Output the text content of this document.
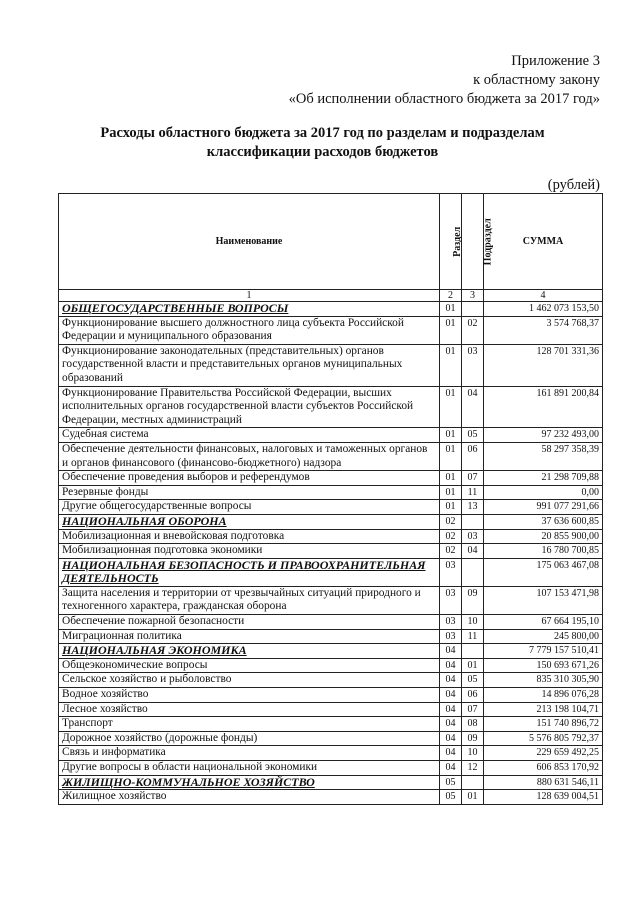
Приложение 3
к областному закону
«Об исполнении областного бюджета за 2017 год»
Расходы областного бюджета за 2017 год по разделам и подразделам
классификации расходов бюджетов
(рублей)
Наименование	Раздел	Подраздел	СУММА
1	2	3	4
ОБЩЕГОСУДАРСТВЕННЫЕ ВОПРОСЫ	01		1 462 073 153,50
Функционирование высшего должностного лица субъекта Российской Федерации и муниципального образования	01	02	3 574 768,37
Функционирование законодательных (представительных) органов государственной власти и представительных органов муниципальных образований	01	03	128 701 331,36
Функционирование Правительства Российской Федерации, высших исполнительных органов государственной власти субъектов Российской Федерации, местных администраций	01	04	161 891 200,84
Судебная система	01	05	97 232 493,00
Обеспечение деятельности финансовых, налоговых и таможенных органов и органов финансового (финансово-бюджетного) надзора	01	06	58 297 358,39
Обеспечение проведения выборов и референдумов	01	07	21 298 709,88
Резервные фонды	01	11	0,00
Другие общегосударственные вопросы	01	13	991 077 291,66
НАЦИОНАЛЬНАЯ ОБОРОНА	02		37 636 600,85
Мобилизационная и вневойсковая подготовка	02	03	20 855 900,00
Мобилизационная подготовка экономики	02	04	16 780 700,85
НАЦИОНАЛЬНАЯ БЕЗОПАСНОСТЬ И ПРАВООХРАНИТЕЛЬНАЯ ДЕЯТЕЛЬНОСТЬ	03		175 063 467,08
Защита населения и территории от чрезвычайных ситуаций природного и техногенного характера, гражданская оборона	03	09	107 153 471,98
Обеспечение пожарной безопасности	03	10	67 664 195,10
Миграционная политика	03	11	245 800,00
НАЦИОНАЛЬНАЯ ЭКОНОМИКА	04		7 779 157 510,41
Общеэкономические вопросы	04	01	150 693 671,26
Сельское хозяйство и рыболовство	04	05	835 310 305,90
Водное хозяйство	04	06	14 896 076,28
Лесное хозяйство	04	07	213 198 104,71
Транспорт	04	08	151 740 896,72
Дорожное хозяйство (дорожные фонды)	04	09	5 576 805 792,37
Связь и информатика	04	10	229 659 492,25
Другие вопросы в области национальной экономики	04	12	606 853 170,92
ЖИЛИЩНО-КОММУНАЛЬНОЕ ХОЗЯЙСТВО	05		880 631 546,11
Жилищное хозяйство	05	01	128 639 004,51
